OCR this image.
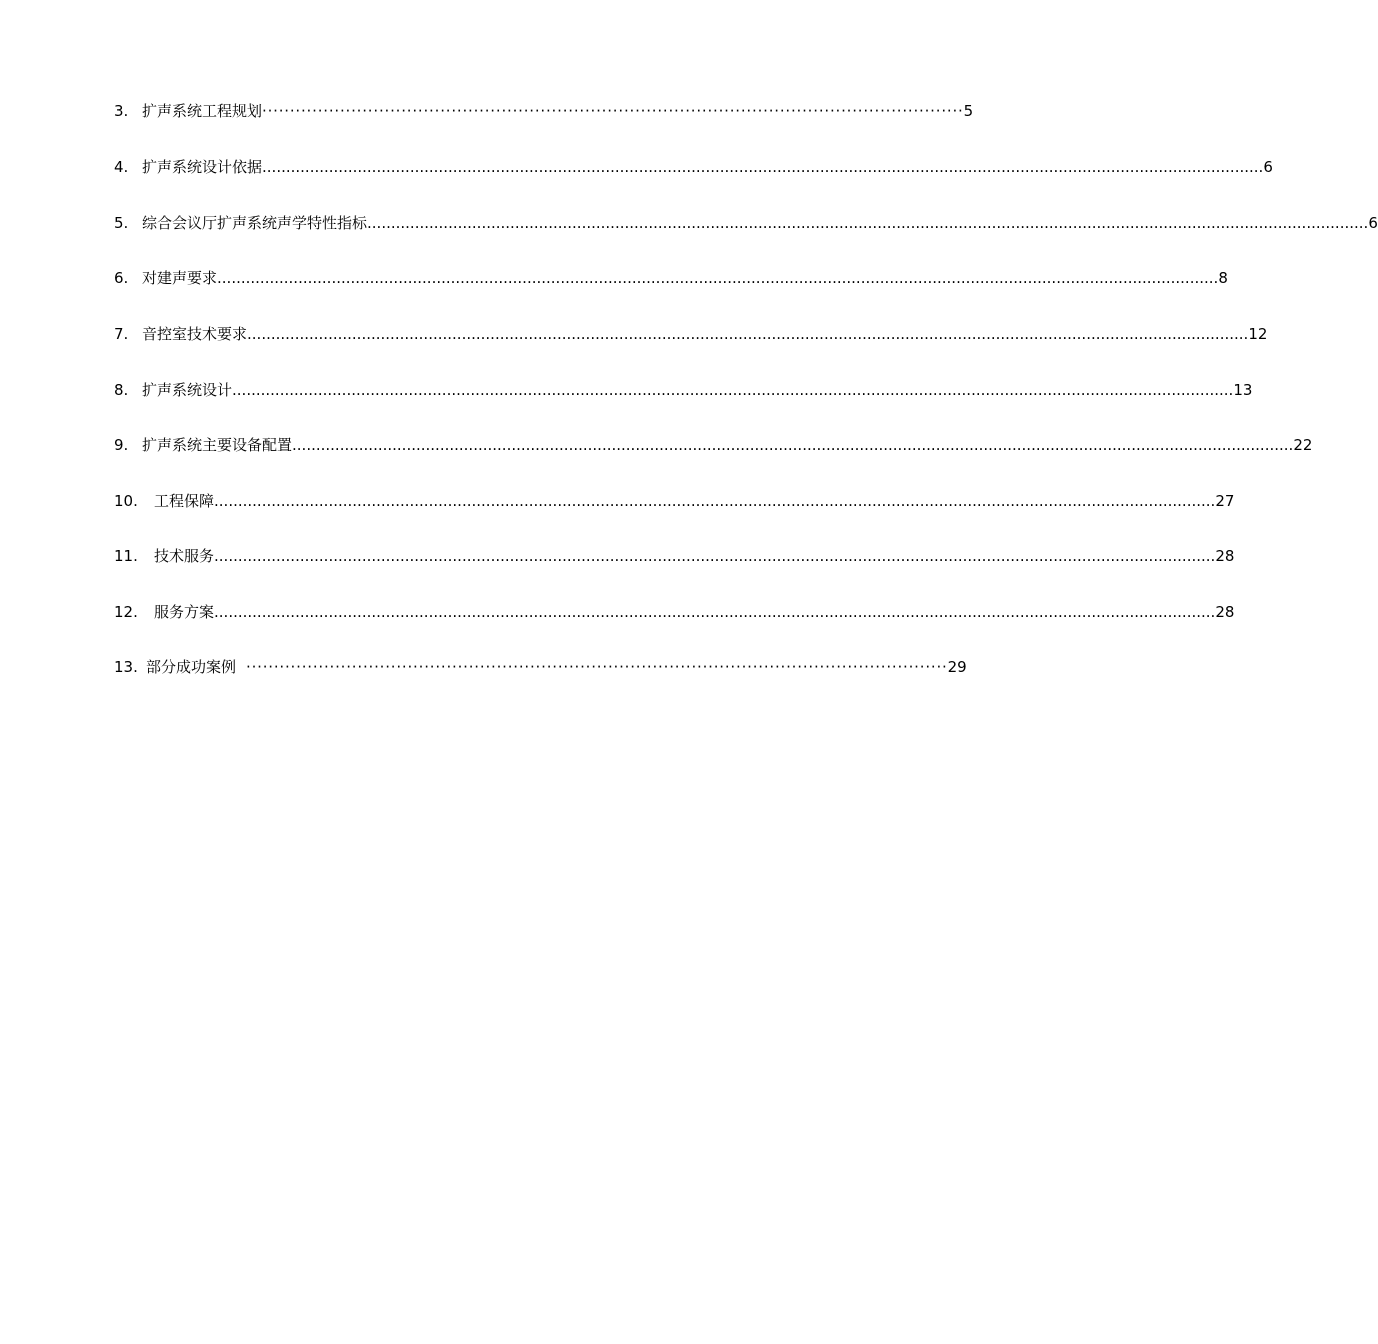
3. 扩声系统工程规划 ······························································································································ 5
4. 扩声系统设计依据 .................................................................................................................................................................................................................. 6
5. 综合会议厅扩声系统声学特性指标 .................................................................................................................................................................................................................. 6
6. 对建声要求 .................................................................................................................................................................................................................. 8
7. 音控室技术要求 .................................................................................................................................................................................................................. 12
8. 扩声系统设计 .................................................................................................................................................................................................................. 13
9. 扩声系统主要设备配置 .................................................................................................................................................................................................................. 22
10.	工程保障 .................................................................................................................................................................................................................. 27
11.	技术服务 .................................................................................................................................................................................................................. 28
12.	服务方案 .................................................................................................................................................................................................................. 28
13. 部分成功案例 ······························································································································ 29
